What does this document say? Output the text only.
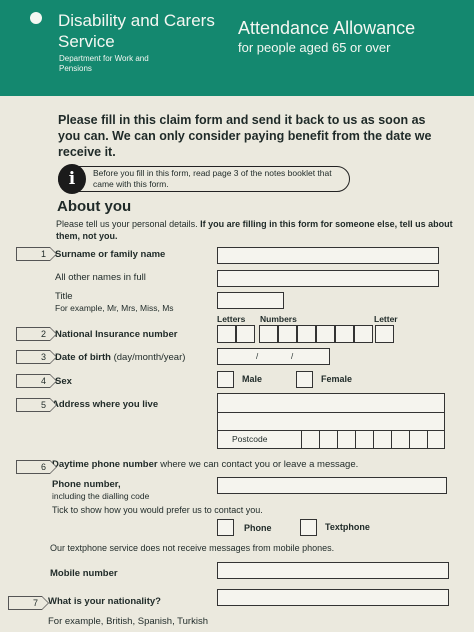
Disability and Carers Service
Department for Work and Pensions
Attendance Allowance
for people aged 65 or over
Please fill in this claim form and send it back to us as soon as you can. We can only consider paying benefit from the date we receive it.
i	Before you fill in this form, read page 3 of the notes booklet that came with this form.
About you
Please tell us your personal details. If you are filling in this form for someone else, tell us about them, not you.
1 Surname or family name
All other names in full
Title
For example, Mr, Mrs, Miss, Ms
Letters Numbers	Letter
2 National Insurance number
3 Date of birth (day/month/year)	/	/
4 Sex	Male	Female
5 Address where you live
Postcode
6 Daytime phone number where we can contact you or leave a message.
Phone number,
including the dialling code
Tick to show how you would prefer us to contact you.
Phone	Textphone
Our textphone service does not receive messages from mobile phones.
Mobile number
7	What is your nationality?
For example, British, Spanish, Turkish
